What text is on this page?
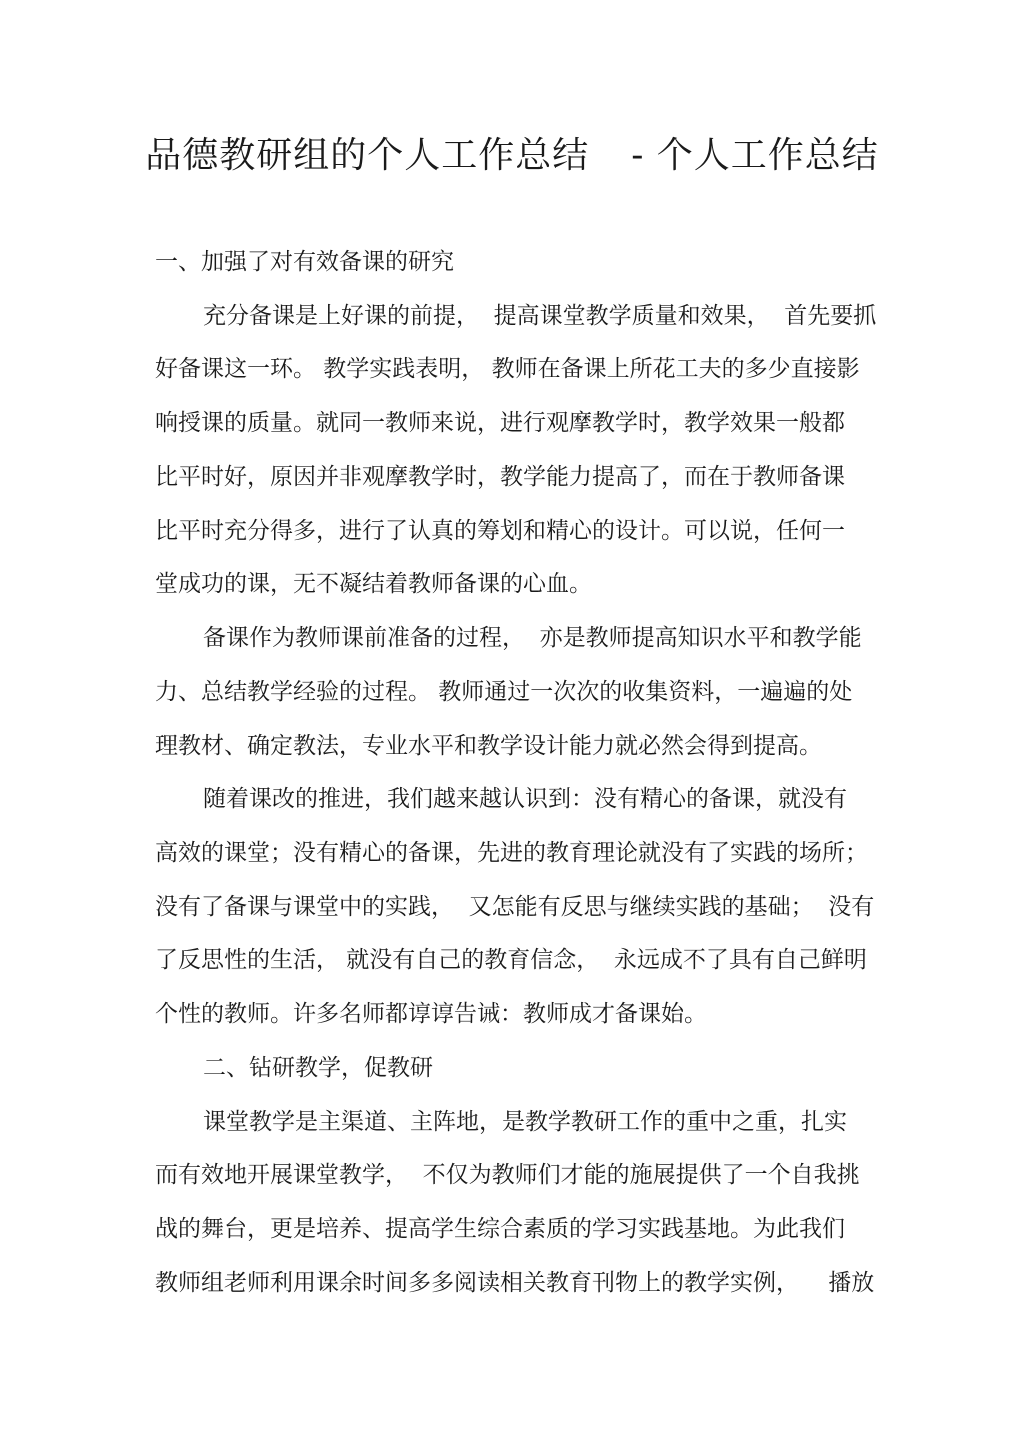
品德教研组的个人工作总结 - 个人工作总结

一、加强了对有效备课的研究

充分备课是上好课的前提，  提高课堂教学质量和效果，  首先要抓

好备课这一环。 教学实践表明， 教师在备课上所花工夫的多少直接影

响授课的质量。就同一教师来说，进行观摩教学时，教学效果一般都

比平时好，原因并非观摩教学时，教学能力提高了，而在于教师备课

比平时充分得多，进行了认真的筹划和精心的设计。可以说，任何一

堂成功的课，无不凝结着教师备课的心血。

备课作为教师课前准备的过程，  亦是教师提高知识水平和教学能

力、总结教学经验的过程。 教师通过一次次的收集资料，一遍遍的处

理教材、确定教法，专业水平和教学设计能力就必然会得到提高。

随着课改的推进，我们越来越认识到：没有精心的备课，就没有

高效的课堂；没有精心的备课，先进的教育理论就没有了实践的场所；

没有了备课与课堂中的实践，  又怎能有反思与继续实践的基础；  没有

了反思性的生活， 就没有自己的教育信念，  永远成不了具有自己鲜明

个性的教师。许多名师都谆谆告诫：教师成才备课始。

二、钻研教学，促教研

课堂教学是主渠道、主阵地，是教学教研工作的重中之重，扎实

而有效地开展课堂教学，  不仅为教师们才能的施展提供了一个自我挑

战的舞台，更是培养、提高学生综合素质的学习实践基地。为此我们

教师组老师利用课余时间多多阅读相关教育刊物上的教学实例，    播放
